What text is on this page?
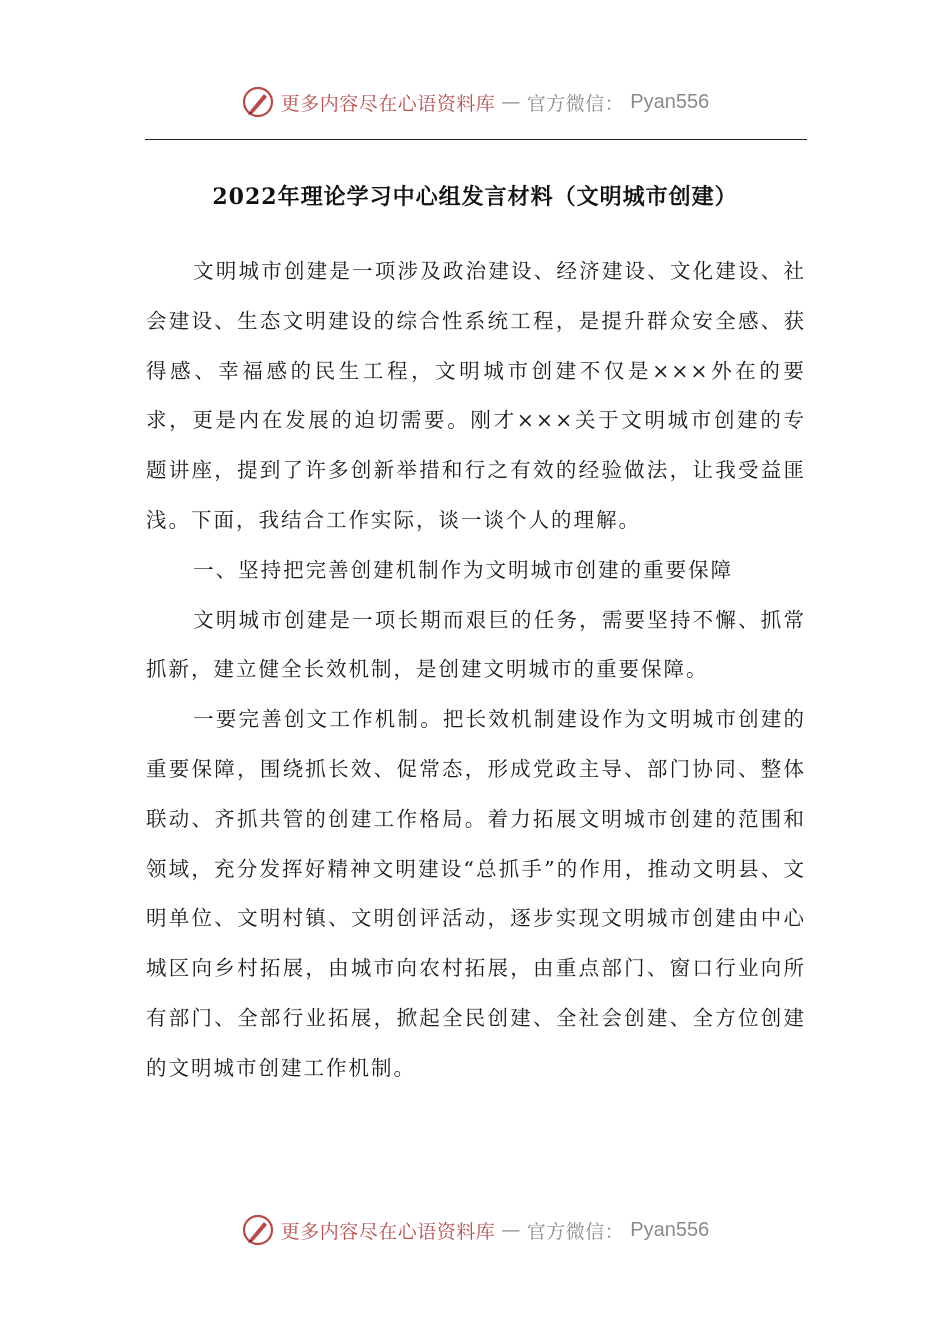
更多内容尽在心语资料库 — 官方微信： Pyan556
2022年理论学习中心组发言材料（文明城市创建）

文明城市创建是一项涉及政治建设、经济建设、文化建设、社会建设、生态文明建设的综合性系统工程，是提升群众安全感、获得感、幸福感的民生工程，文明城市创建不仅是×××外在的要求，更是内在发展的迫切需要。刚才×××关于文明城市创建的专题讲座，提到了许多创新举措和行之有效的经验做法，让我受益匪浅。下面，我结合工作实际，谈一谈个人的理解。

一、坚持把完善创建机制作为文明城市创建的重要保障

文明城市创建是一项长期而艰巨的任务，需要坚持不懈、抓常抓新，建立健全长效机制，是创建文明城市的重要保障。

一要完善创文工作机制。把长效机制建设作为文明城市创建的重要保障，围绕抓长效、促常态，形成党政主导、部门协同、整体联动、齐抓共管的创建工作格局。着力拓展文明城市创建的范围和领域，充分发挥好精神文明建设“总抓手”的作用，推动文明县、文明单位、文明村镇、文明创评活动，逐步实现文明城市创建由中心城区向乡村拓展，由城市向农村拓展，由重点部门、窗口行业向所有部门、全部行业拓展，掀起全民创建、全社会创建、全方位创建的文明城市创建工作机制。

更多内容尽在心语资料库 — 官方微信： Pyan556
